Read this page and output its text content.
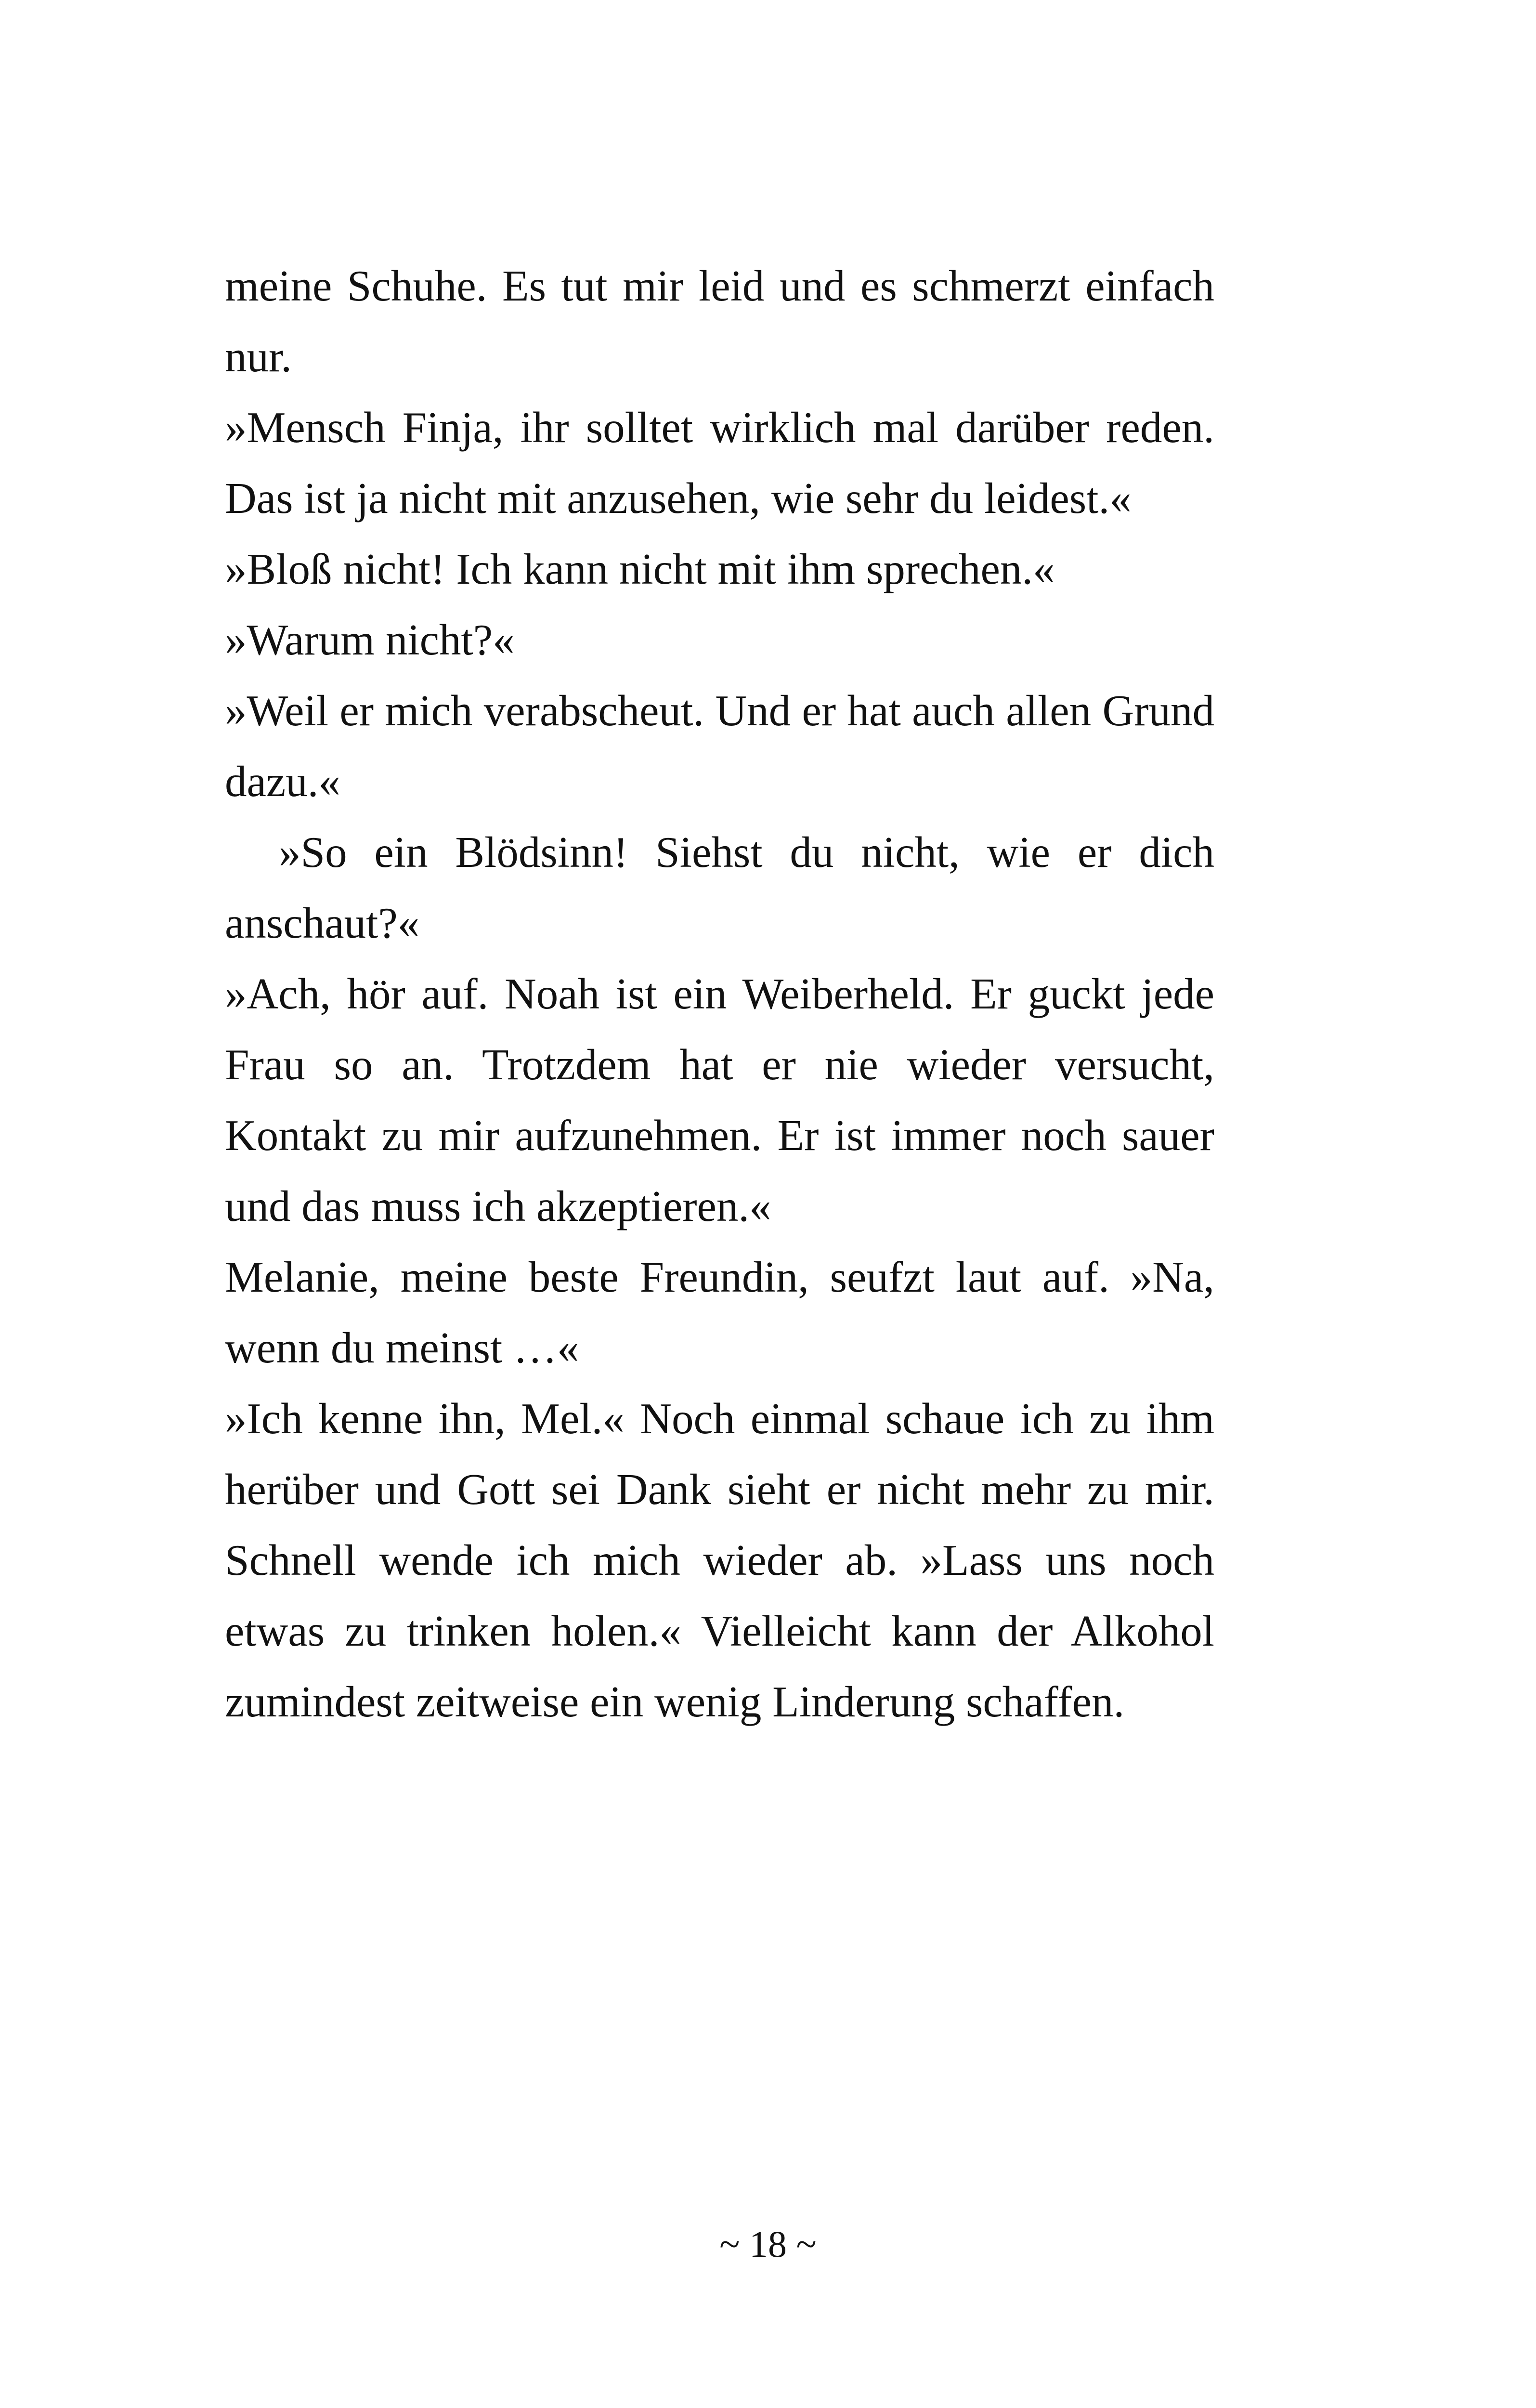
meine Schuhe. Es tut mir leid und es schmerzt einfach nur.

»Mensch Finja, ihr solltet wirklich mal darüber reden. Das ist ja nicht mit anzusehen, wie sehr du leidest.«

»Bloß nicht! Ich kann nicht mit ihm sprechen.«

»Warum nicht?«

»Weil er mich verabscheut. Und er hat auch allen Grund dazu.«

»So ein Blödsinn! Siehst du nicht, wie er dich anschaut?«

»Ach, hör auf. Noah ist ein Weiberheld. Er guckt jede Frau so an. Trotzdem hat er nie wieder versucht, Kontakt zu mir aufzunehmen. Er ist immer noch sauer und das muss ich akzeptieren.«

Melanie, meine beste Freundin, seufzt laut auf. »Na, wenn du meinst …«

»Ich kenne ihn, Mel.« Noch einmal schaue ich zu ihm herüber und Gott sei Dank sieht er nicht mehr zu mir. Schnell wende ich mich wieder ab. »Lass uns noch etwas zu trinken holen.« Vielleicht kann der Alkohol zumindest zeitweise ein wenig Linderung schaffen.

~ 18 ~
